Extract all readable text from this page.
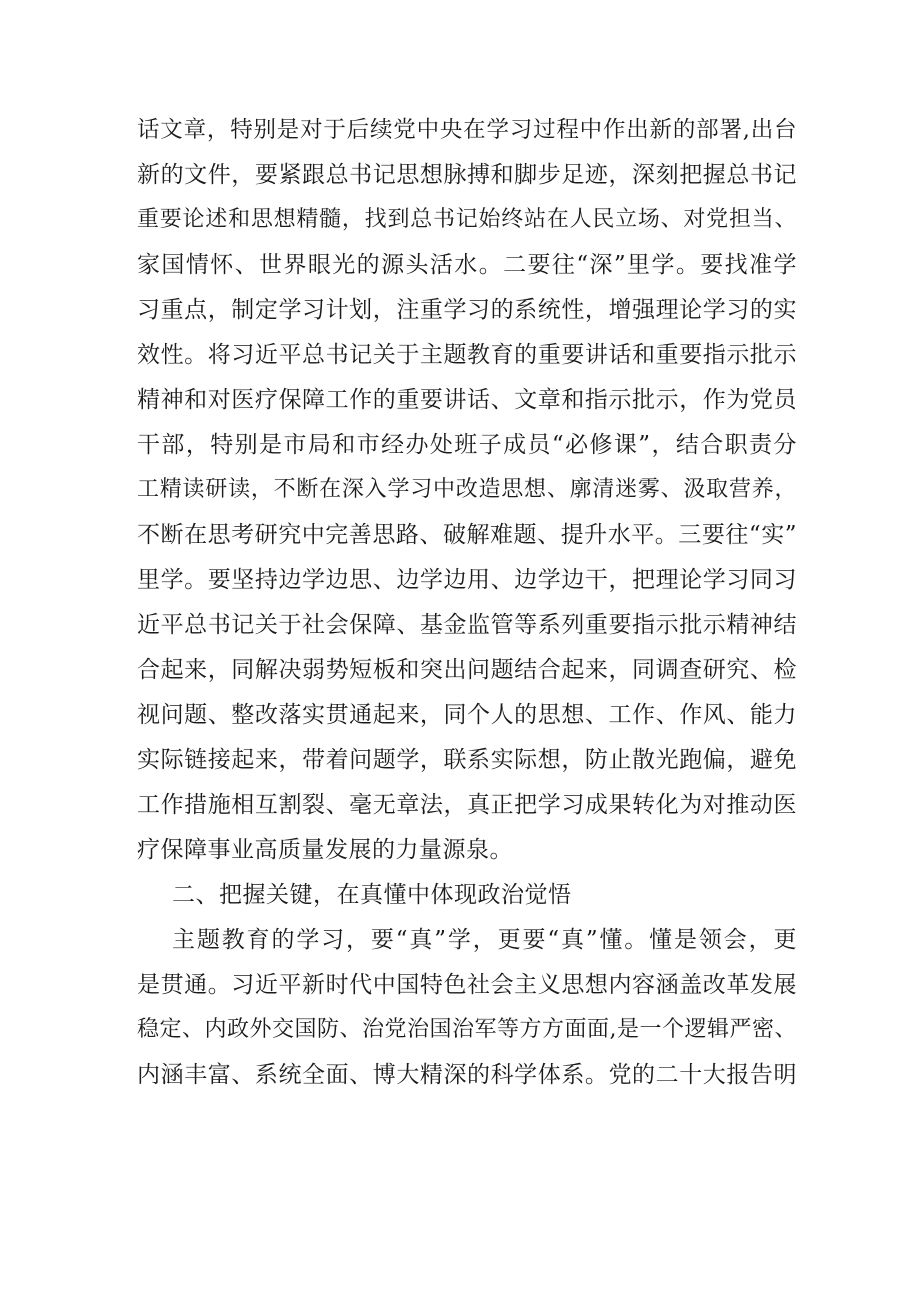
话文章，特别是对于后续党中央在学习过程中作出新的部署,出台
新的文件，要紧跟总书记思想脉搏和脚步足迹，深刻把握总书记
重要论述和思想精髓，找到总书记始终站在人民立场、对党担当、
家国情怀、世界眼光的源头活水。二要往“深”里学。要找准学
习重点，制定学习计划，注重学习的系统性，增强理论学习的实
效性。将习近平总书记关于主题教育的重要讲话和重要指示批示
精神和对医疗保障工作的重要讲话、文章和指示批示，作为党员
干部，特别是市局和市经办处班子成员“必修课”，结合职责分
工精读研读，不断在深入学习中改造思想、廓清迷雾、汲取营养，
不断在思考研究中完善思路、破解难题、提升水平。三要往“实”
里学。要坚持边学边思、边学边用、边学边干，把理论学习同习
近平总书记关于社会保障、基金监管等系列重要指示批示精神结
合起来，同解决弱势短板和突出问题结合起来，同调查研究、检
视问题、整改落实贯通起来，同个人的思想、工作、作风、能力
实际链接起来，带着问题学，联系实际想，防止散光跑偏，避免
工作措施相互割裂、毫无章法，真正把学习成果转化为对推动医
疗保障事业高质量发展的力量源泉。
二、把握关键，在真懂中体现政治觉悟
主题教育的学习，要“真”学，更要“真”懂。懂是领会，更
是贯通。习近平新时代中国特色社会主义思想内容涵盖改革发展
稳定、内政外交国防、治党治国治军等方方面面,是一个逻辑严密、
内涵丰富、系统全面、博大精深的科学体系。党的二十大报告明
